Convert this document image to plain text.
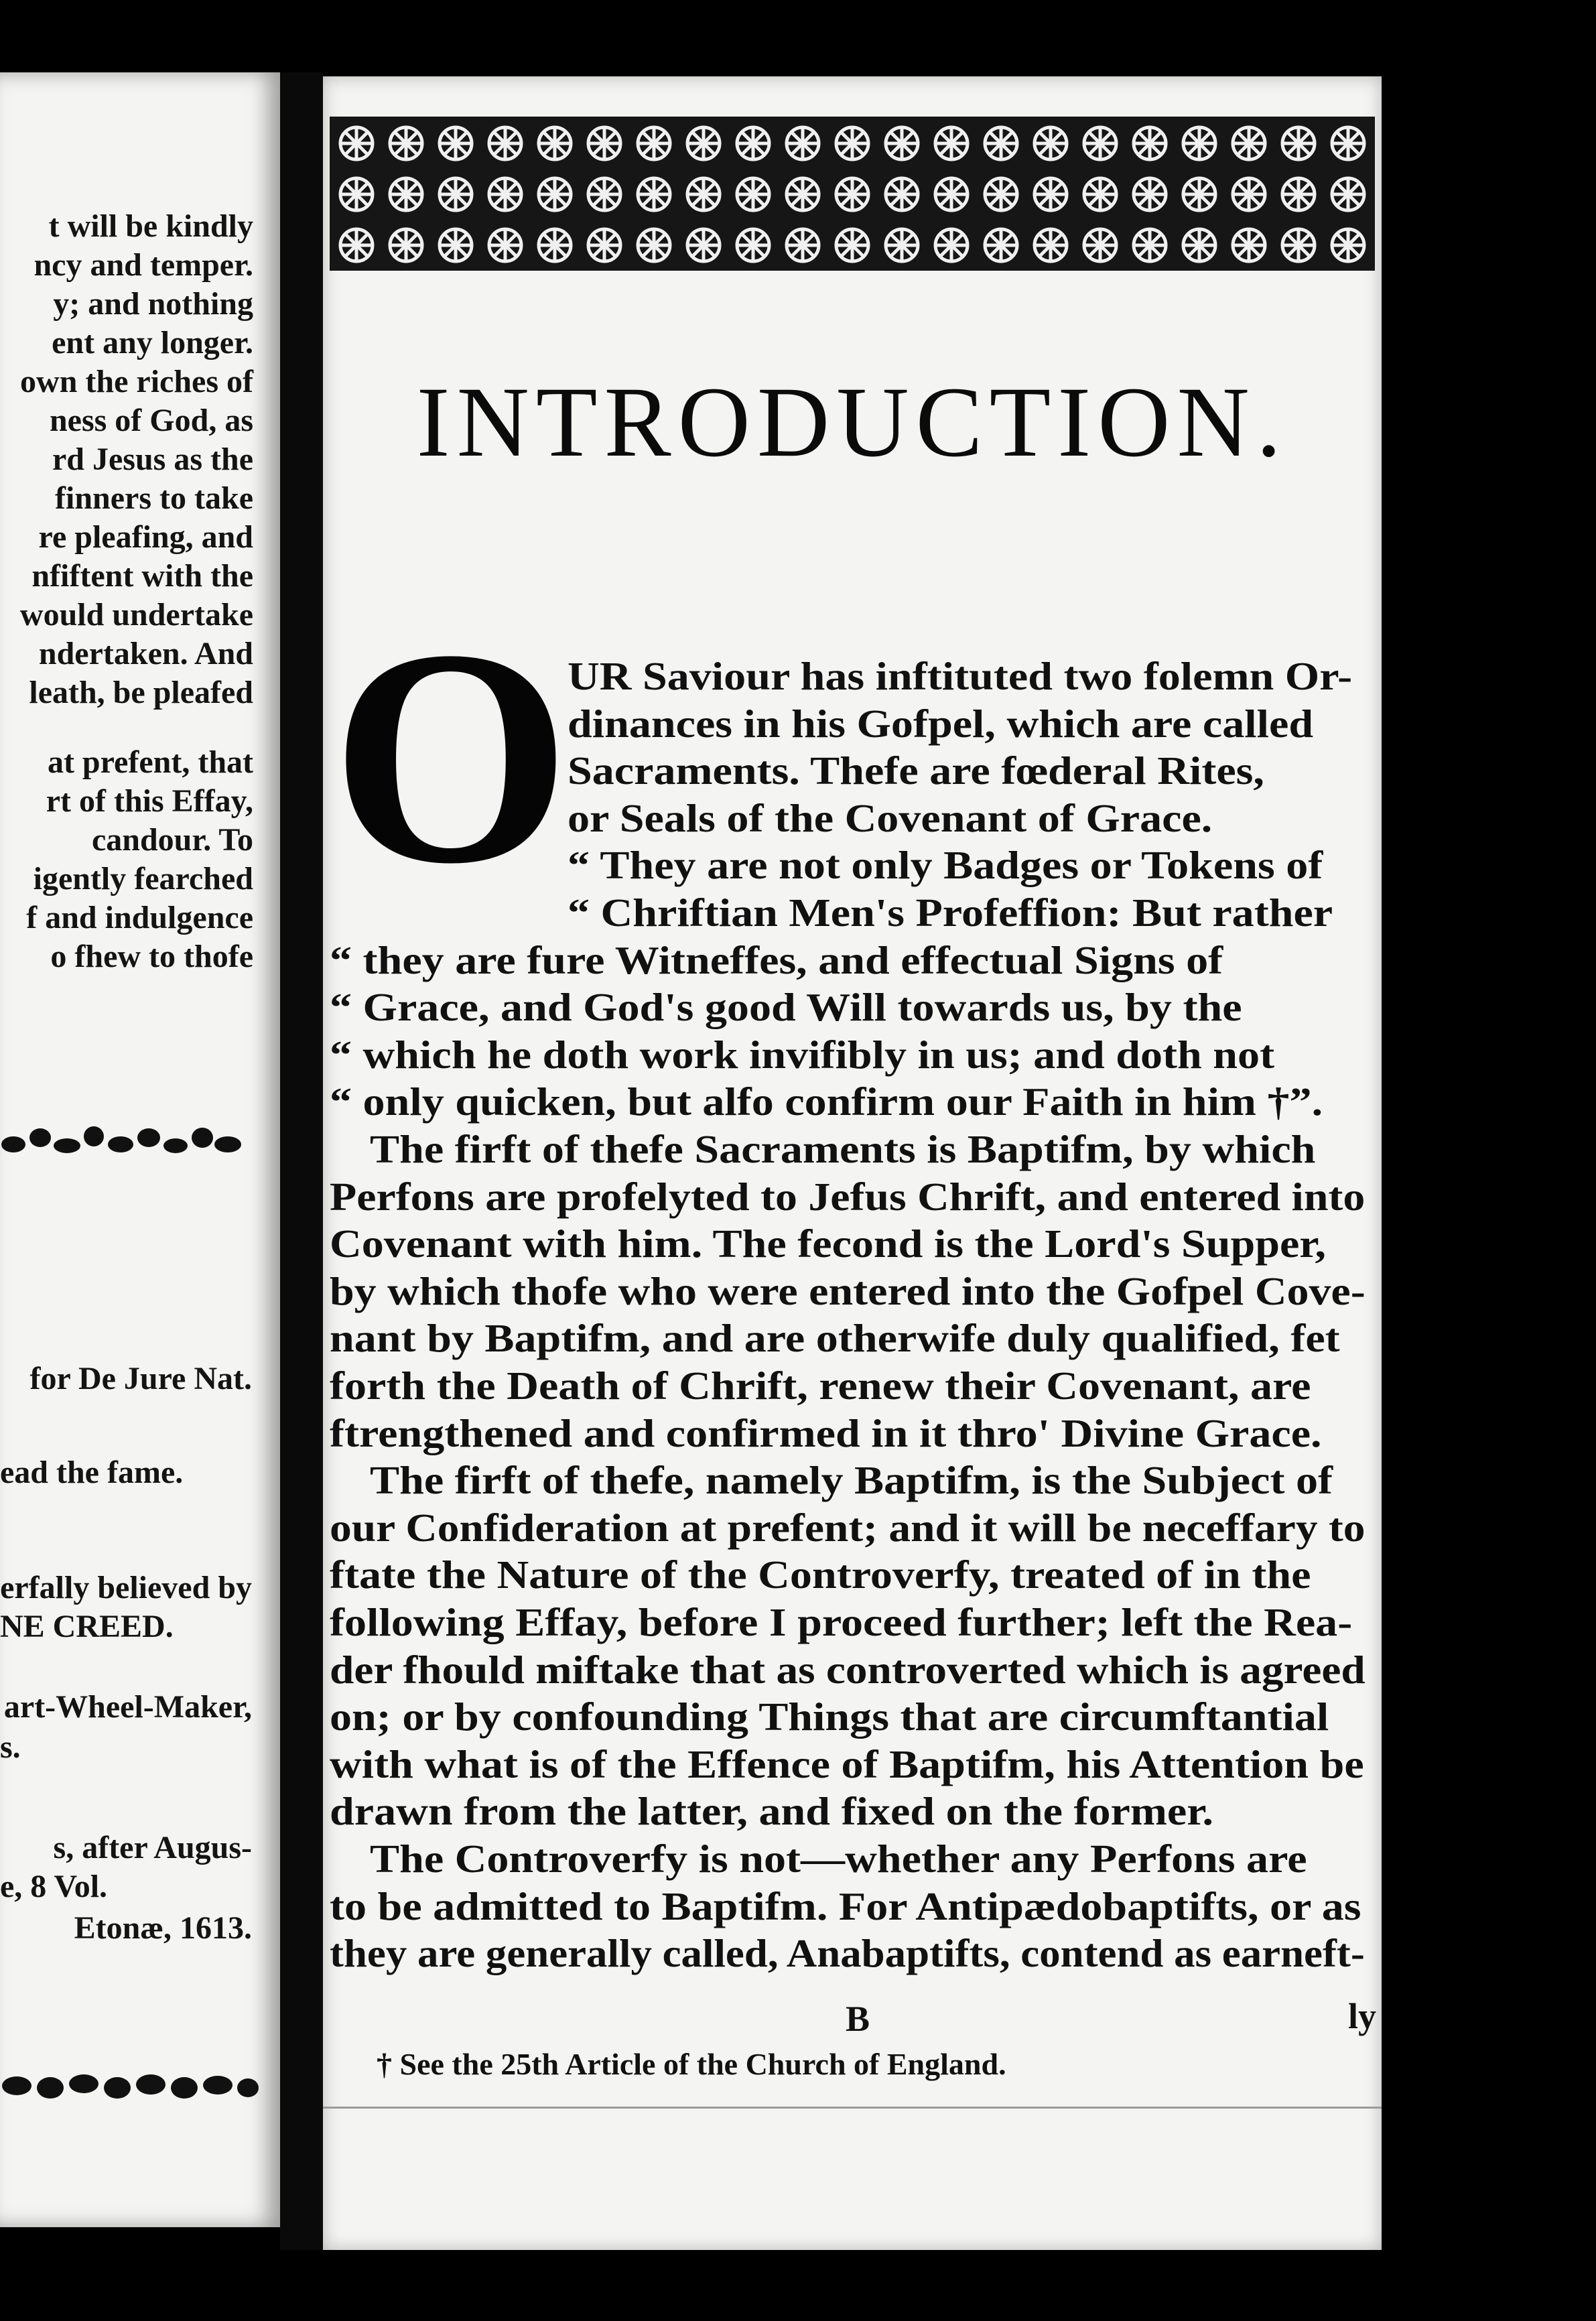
t will be kindly
ncy and temper.
y; and nothing
ent any longer.
own the riches of
ness of God, as
rd Jesus as the
finners to take
re pleafing, and
nfiftent with the
would undertake
ndertaken. And
leath, be pleafed
at prefent, that
rt of this Effay,
candour. To
igently fearched
f and indulgence
o fhew to thofe
for De Jure Nat.
ead the fame.
erfally believed by
NE CREED.
art-Wheel-Maker,
s.
s, after Augus-
e, 8 Vol.
Etonæ, 1613.
INTRODUCTION.
O
UR Saviour has inftituted two folemn Or-
dinances in his Gofpel, which are called
Sacraments. Thefe are fœderal Rites,
or Seals of the Covenant of Grace.
“ They are not only Badges or Tokens of
“ Chriftian Men's Profeffion: But rather
“ they are fure Witneffes, and effectual Signs of
“ Grace, and God's good Will towards us, by the
“ which he doth work invifibly in us; and doth not
“ only quicken, but alfo confirm our Faith in him †”.
The firft of thefe Sacraments is Baptifm, by which
Perfons are profelyted to Jefus Chrift, and entered into
Covenant with him. The fecond is the Lord's Supper,
by which thofe who were entered into the Gofpel Cove-
nant by Baptifm, and are otherwife duly qualified, fet
forth the Death of Chrift, renew their Covenant, are
ftrengthened and confirmed in it thro' Divine Grace.
The firft of thefe, namely Baptifm, is the Subject of
our Confideration at prefent; and it will be neceffary to
ftate the Nature of the Controverfy, treated of in the
following Effay, before I proceed further; left the Rea-
der fhould miftake that as controverted which is agreed
on; or by confounding Things that are circumftantial
with what is of the Effence of Baptifm, his Attention be
drawn from the latter, and fixed on the former.
The Controverfy is not—whether any Perfons are
to be admitted to Baptifm. For Antipædobaptifts, or as
they are generally called, Anabaptifts, contend as earneft-
B	ly
† See the 25th Article of the Church of England.
